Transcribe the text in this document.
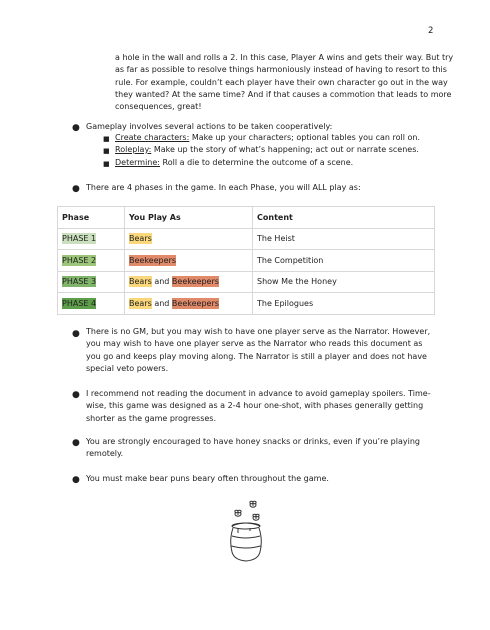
2
a hole in the wall and rolls a 2. In this case, Player A wins and gets their way. But try as far as possible to resolve things harmoniously instead of having to resort to this rule. For example, couldn’t each player have their own character go out in the way they wanted? At the same time? And if that causes a commotion that leads to more consequences, great!
● Gameplay involves several actions to be taken cooperatively:
■ Create characters: Make up your characters; optional tables you can roll on.
■ Roleplay: Make up the story of what’s happening; act out or narrate scenes.
■ Determine: Roll a die to determine the outcome of a scene.
● There are 4 phases in the game. In each Phase, you will ALL play as:
Phase	You Play As	Content
PHASE 1	Bears	The Heist
PHASE 2	Beekeepers	The Competition
PHASE 3	Bears and Beekeepers	Show Me the Honey
PHASE 4	Bears and Beekeepers	The Epilogues
● There is no GM, but you may wish to have one player serve as the Narrator. However, you may wish to have one player serve as the Narrator who reads this document as you go and keeps play moving along. The Narrator is still a player and does not have special veto powers.
● I recommend not reading the document in advance to avoid gameplay spoilers. Time-wise, this game was designed as a 2-4 hour one-shot, with phases generally getting shorter as the game progresses.
● You are strongly encouraged to have honey snacks or drinks, even if you’re playing remotely.
● You must make bear puns beary often throughout the game.
